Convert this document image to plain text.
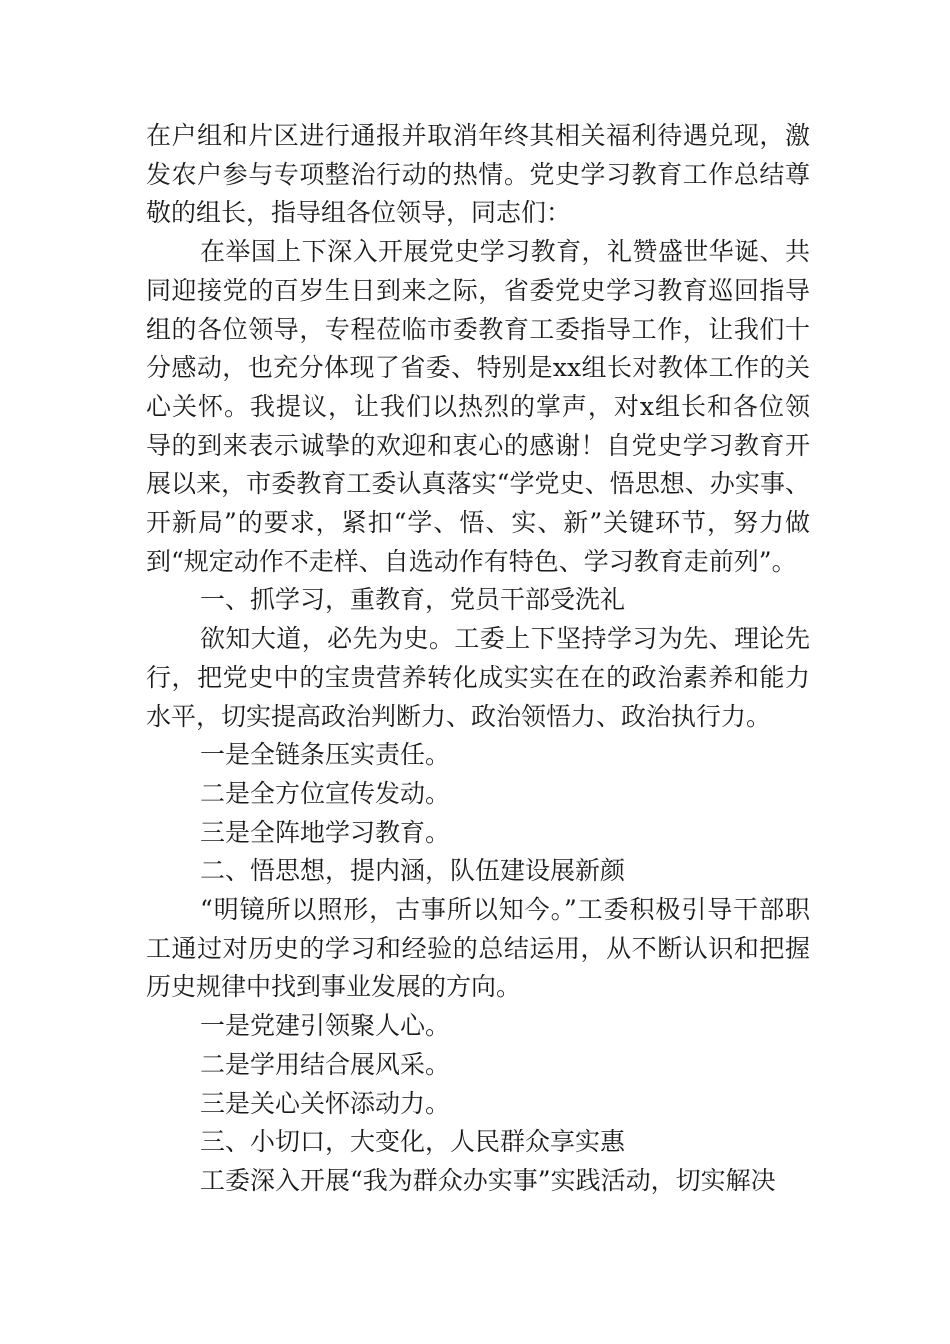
在户组和片区进行通报并取消年终其相关福利待遇兑现，激发农户参与专项整治行动的热情。党史学习教育工作总结尊敬的组长，指导组各位领导，同志们：

在举国上下深入开展党史学习教育，礼赞盛世华诞、共同迎接党的百岁生日到来之际，省委党史学习教育巡回指导组的各位领导，专程莅临市委教育工委指导工作，让我们十分感动，也充分体现了省委、特别是xx组长对教体工作的关心关怀。我提议，让我们以热烈的掌声，对x组长和各位领导的到来表示诚挚的欢迎和衷心的感谢！自党史学习教育开展以来，市委教育工委认真落实“学党史、悟思想、办实事、开新局”的要求，紧扣“学、悟、实、新”关键环节，努力做到“规定动作不走样、自选动作有特色、学习教育走前列”。

一、抓学习，重教育，党员干部受洗礼

欲知大道，必先为史。工委上下坚持学习为先、理论先行，把党史中的宝贵营养转化成实实在在的政治素养和能力水平，切实提高政治判断力、政治领悟力、政治执行力。

一是全链条压实责任。

二是全方位宣传发动。

三是全阵地学习教育。

二、悟思想，提内涵，队伍建设展新颜

“明镜所以照形，古事所以知今。”工委积极引导干部职工通过对历史的学习和经验的总结运用，从不断认识和把握历史规律中找到事业发展的方向。

一是党建引领聚人心。

二是学用结合展风采。

三是关心关怀添动力。

三、小切口，大变化，人民群众享实惠

工委深入开展“我为群众办实事”实践活动，切实解决
